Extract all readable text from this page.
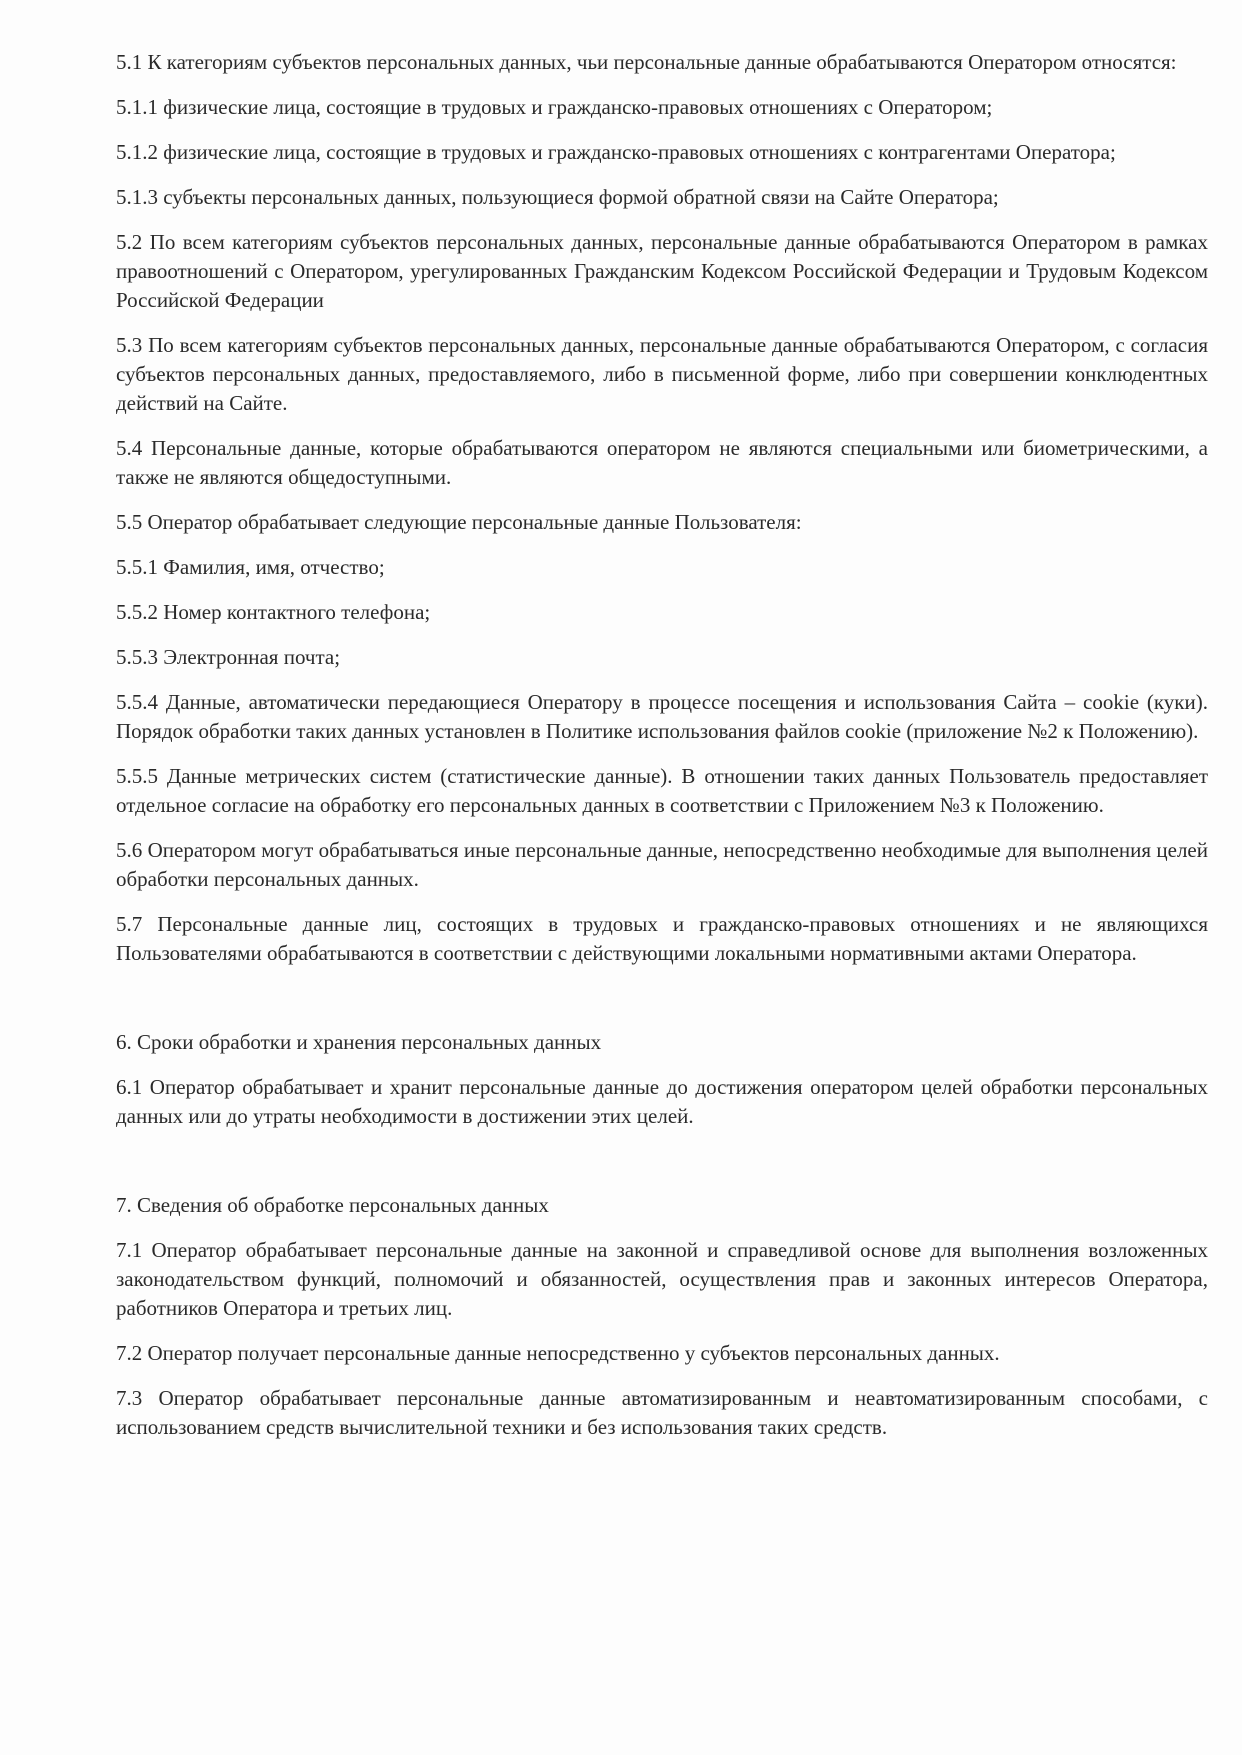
5.1 К категориям субъектов персональных данных, чьи персональные данные обрабатываются Оператором относятся:

5.1.1 физические лица, состоящие в трудовых и гражданско-правовых отношениях с Оператором;

5.1.2 физические лица, состоящие в трудовых и гражданско-правовых отношениях с контрагентами Оператора;

5.1.3 субъекты персональных данных, пользующиеся формой обратной связи на Сайте Оператора;

5.2 По всем категориям субъектов персональных данных, персональные данные обрабатываются Оператором в рамках правоотношений с Оператором, урегулированных Гражданским Кодексом Российской Федерации и Трудовым Кодексом Российской Федерации

5.3 По всем категориям субъектов персональных данных, персональные данные обрабатываются Оператором, с согласия субъектов персональных данных, предоставляемого, либо в письменной форме, либо при совершении конклюдентных действий на Сайте.

5.4 Персональные данные, которые обрабатываются оператором не являются специальными или биометрическими, а также не являются общедоступными.

5.5 Оператор обрабатывает следующие персональные данные Пользователя:

5.5.1 Фамилия, имя, отчество;

5.5.2 Номер контактного телефона;

5.5.3 Электронная почта;

5.5.4 Данные, автоматически передающиеся Оператору в процессе посещения и использования Сайта – cookie (куки). Порядок обработки таких данных установлен в Политике использования файлов cookie (приложение №2 к Положению).

5.5.5 Данные метрических систем (статистические данные). В отношении таких данных Пользователь предоставляет отдельное согласие на обработку его персональных данных в соответствии с Приложением №3 к Положению.

5.6 Оператором могут обрабатываться иные персональные данные, непосредственно необходимые для выполнения целей обработки персональных данных.

5.7 Персональные данные лиц, состоящих в трудовых и гражданско-правовых отношениях и не являющихся Пользователями обрабатываются в соответствии с действующими локальными нормативными актами Оператора.

6. Сроки обработки и хранения персональных данных

6.1 Оператор обрабатывает и хранит персональные данные до достижения оператором целей обработки персональных данных или до утраты необходимости в достижении этих целей.

7. Сведения об обработке персональных данных

7.1 Оператор обрабатывает персональные данные на законной и справедливой основе для выполнения возложенных законодательством функций, полномочий и обязанностей, осуществления прав и законных интересов Оператора, работников Оператора и третьих лиц.

7.2 Оператор получает персональные данные непосредственно у субъектов персональных данных.

7.3 Оператор обрабатывает персональные данные автоматизированным и неавтоматизированным способами, с использованием средств вычислительной техники и без использования таких средств.
